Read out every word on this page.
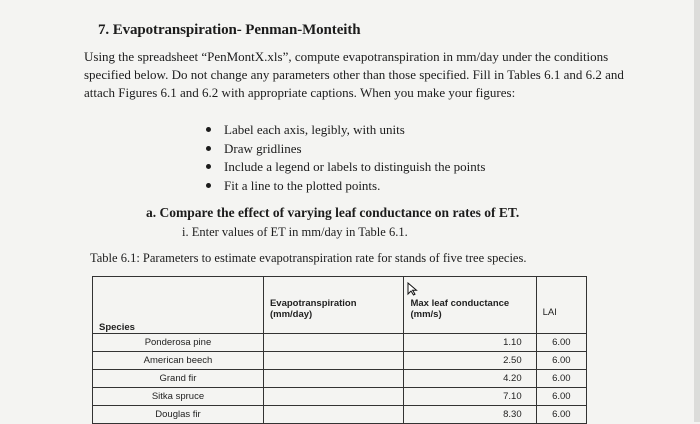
7. Evapotranspiration- Penman-Monteith
Using the spreadsheet “PenMontX.xls”, compute evapotranspiration in mm/day under the conditions specified below. Do not change any parameters other than those specified. Fill in Tables 6.1 and 6.2 and attach Figures 6.1 and 6.2 with appropriate captions. When you make your figures:
Label each axis, legibly, with units
Draw gridlines
Include a legend or labels to distinguish the points
Fit a line to the plotted points.
a. Compare the effect of varying leaf conductance on rates of ET.
i. Enter values of ET in mm/day in Table 6.1.
Table 6.1: Parameters to estimate evapotranspiration rate for stands of five tree species.
Species	Evapotranspiration (mm/day)	Max leaf conductance (mm/s)	LAI
Ponderosa pine		1.10	6.00
American beech		2.50	6.00
Grand fir		4.20	6.00
Sitka spruce		7.10	6.00
Douglas fir		8.30	6.00
